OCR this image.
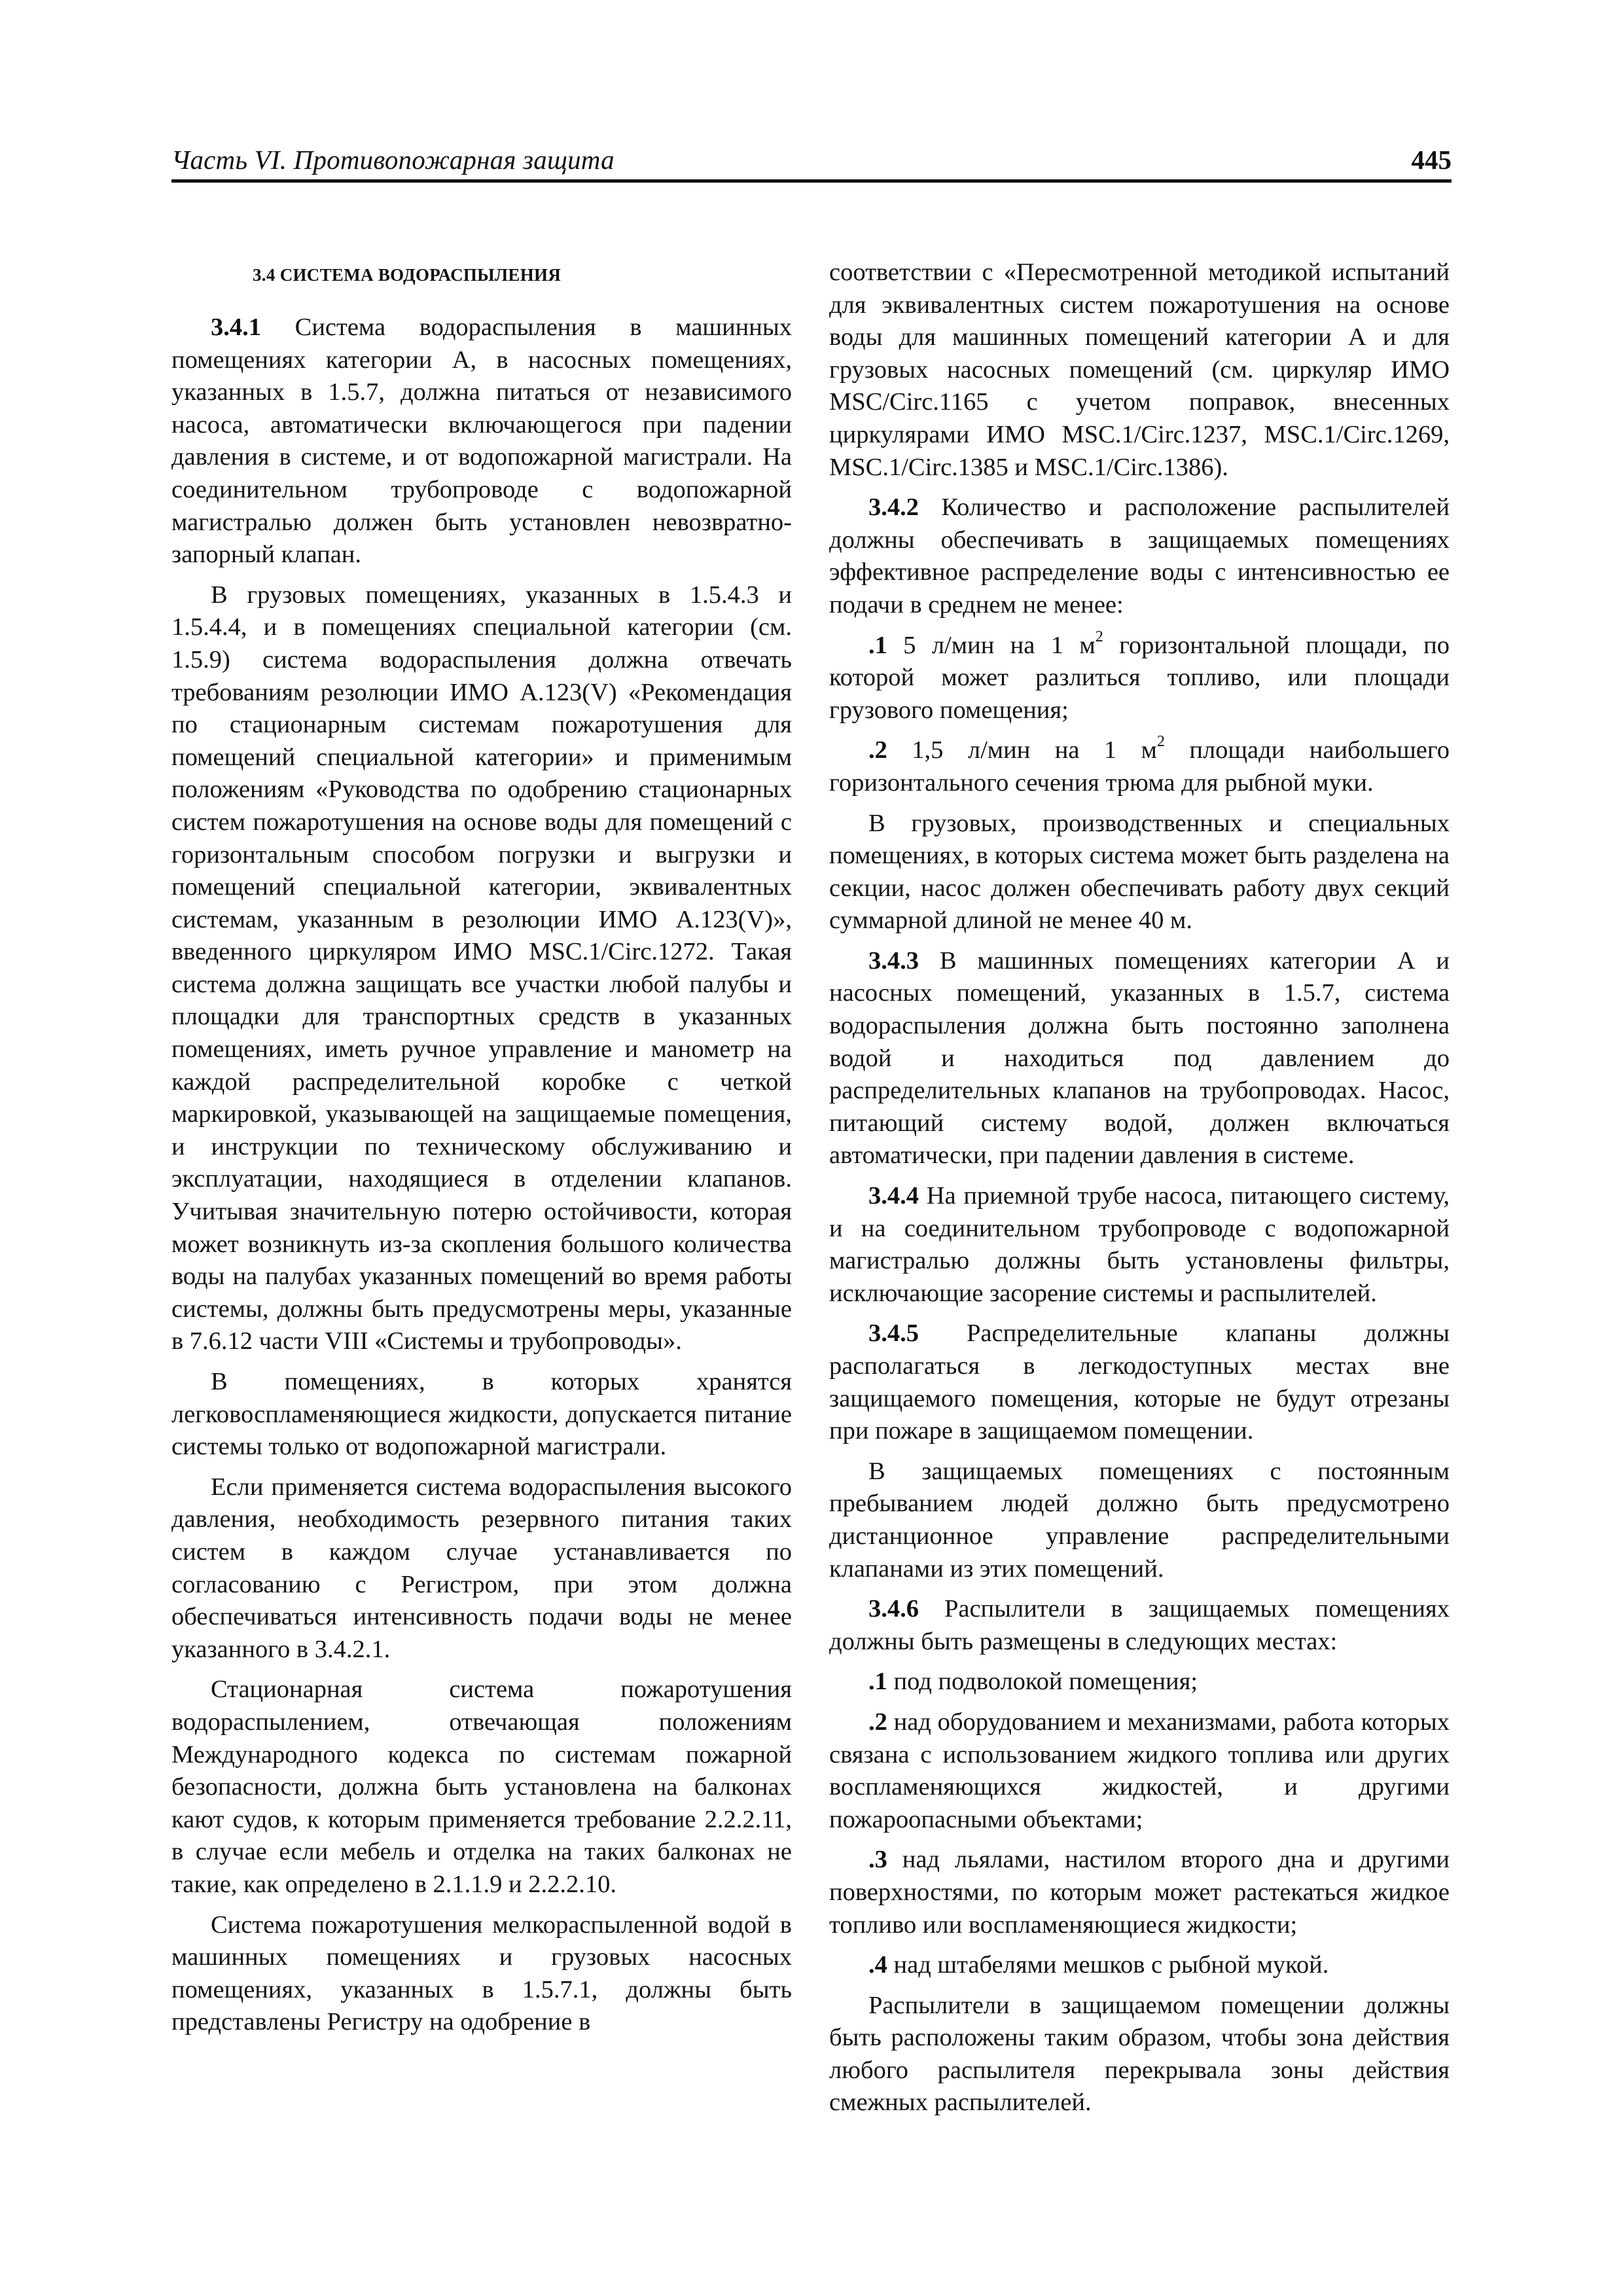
Часть VI. Противопожарная защита	445
3.4 СИСТЕМА ВОДОРАСПЫЛЕНИЯ

3.4.1 Система водораспыления в машинных помещениях категории А, в насосных помещениях, указанных в 1.5.7, должна питаться от независимого насоса, автоматически включающегося при падении давления в системе, и от водопожарной магистрали. На соединительном трубопроводе с водопожарной магистралью должен быть установлен невозвратно-запорный клапан.

В грузовых помещениях, указанных в 1.5.4.3 и 1.5.4.4, и в помещениях специальной категории (см. 1.5.9) система водораспыления должна отвечать требованиям резолюции ИМО А.123(V) «Рекомендация по стационарным системам пожаротушения для помещений специальной категории» и применимым положениям «Руководства по одобрению стационарных систем пожаротушения на основе воды для помещений с горизонтальным способом погрузки и выгрузки и помещений специальной категории, эквивалентных системам, указанным в резолюции ИМО А.123(V)», введенного циркуляром ИМО MSC.1/Circ.1272. Такая система должна защищать все участки любой палубы и площадки для транспортных средств в указанных помещениях, иметь ручное управление и манометр на каждой распределительной коробке с четкой маркировкой, указывающей на защищаемые помещения, и инструкции по техническому обслуживанию и эксплуатации, находящиеся в отделении клапанов. Учитывая значительную потерю остойчивости, которая может возникнуть из-за скопления большого количества воды на палубах указанных помещений во время работы системы, должны быть предусмотрены меры, указанные в 7.6.12 части VIII «Системы и трубопроводы».

В помещениях, в которых хранятся легковоспламеняющиеся жидкости, допускается питание системы только от водопожарной магистрали.

Если применяется система водораспыления высокого давления, необходимость резервного питания таких систем в каждом случае устанавливается по согласованию с Регистром, при этом должна обеспечиваться интенсивность подачи воды не менее указанного в 3.4.2.1.

Стационарная система пожаротушения водораспылением, отвечающая положениям Международного кодекса по системам пожарной безопасности, должна быть установлена на балконах кают судов, к которым применяется требование 2.2.2.11, в случае если мебель и отделка на таких балконах не такие, как определено в 2.1.1.9 и 2.2.2.10.

Система пожаротушения мелкораспыленной водой в машинных помещениях и грузовых насосных помещениях, указанных в 1.5.7.1, должны быть представлены Регистру на одобрение в

соответствии с «Пересмотренной методикой испытаний для эквивалентных систем пожаротушения на основе воды для машинных помещений категории А и для грузовых насосных помещений (см. циркуляр ИМО MSC/Circ.1165 с учетом поправок, внесенных циркулярами ИМО MSC.1/Circ.1237, MSC.1/Circ.1269, MSC.1/Circ.1385 и MSC.1/Circ.1386).

3.4.2 Количество и расположение распылителей должны обеспечивать в защищаемых помещениях эффективное распределение воды с интенсивностью ее подачи в среднем не менее:

.1 5 л/мин на 1 $м^2$ горизонтальной площади, по которой может разлиться топливо, или площади грузового помещения;

.2 1,5 л/мин на 1 $м^2$ площади наибольшего горизонтального сечения трюма для рыбной муки.

В грузовых, производственных и специальных помещениях, в которых система может быть разделена на секции, насос должен обеспечивать работу двух секций суммарной длиной не менее 40 м.

3.4.3 В машинных помещениях категории А и насосных помещений, указанных в 1.5.7, система водораспыления должна быть постоянно заполнена водой и находиться под давлением до распределительных клапанов на трубопроводах. Насос, питающий систему водой, должен включаться автоматически, при падении давления в системе.

3.4.4 На приемной трубе насоса, питающего систему, и на соединительном трубопроводе с водопожарной магистралью должны быть установлены фильтры, исключающие засорение системы и распылителей.

3.4.5 Распределительные клапаны должны располагаться в легкодоступных местах вне защищаемого помещения, которые не будут отрезаны при пожаре в защищаемом помещении.

В защищаемых помещениях с постоянным пребыванием людей должно быть предусмотрено дистанционное управление распределительными клапанами из этих помещений.

3.4.6 Распылители в защищаемых помещениях должны быть размещены в следующих местах:

.1 под подволокой помещения;

.2 над оборудованием и механизмами, работа которых связана с использованием жидкого топлива или других воспламеняющихся жидкостей, и другими пожароопасными объектами;

.3 над льялами, настилом второго дна и другими поверхностями, по которым может растекаться жидкое топливо или воспламеняющиеся жидкости;

.4 над штабелями мешков с рыбной мукой.

Распылители в защищаемом помещении должны быть расположены таким образом, чтобы зона действия любого распылителя перекрывала зоны действия смежных распылителей.
